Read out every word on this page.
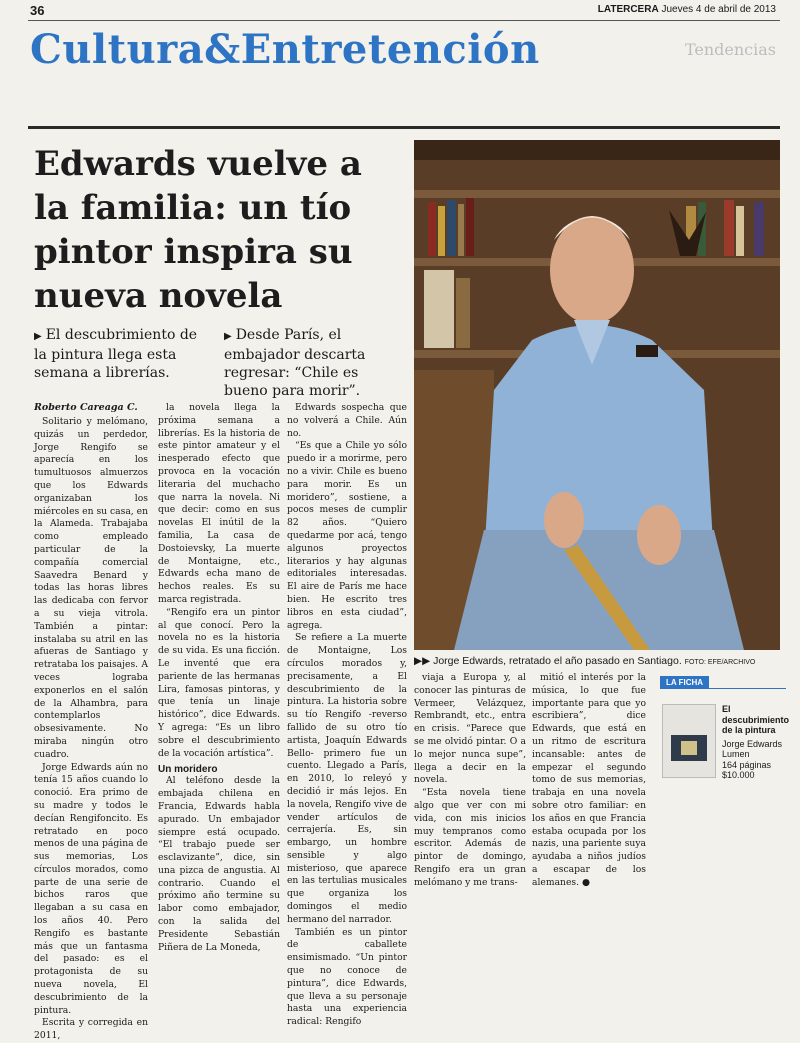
36	LATERCERA Jueves 4 de abril de 2013
Cultura&Entretención	Tendencias
Edwards vuelve a la familia: un tío pintor inspira su nueva novela
▶ El descubrimiento de la pintura llega esta semana a librerías.
▶ Desde París, el embajador descarta regresar: “Chile es bueno para morir”.
▶▶ Jorge Edwards, retratado el año pasado en Santiago. FOTO: EFE/ARCHIVO
Roberto Careaga C.

Solitario y melómano, quizás un perdedor, Jorge Rengifo se aparecía en los tumultuosos almuerzos que los Edwards organizaban los miércoles en su casa, en la Alameda. Trabajaba como empleado particular de la compañía comercial Saavedra Benard y todas las horas libres las dedicaba con fervor a su vieja vitrola. También a pintar: instalaba su atril en las afueras de Santiago y retrataba los paisajes. A veces lograba exponerlos en el salón de la Alhambra, para contemplarlos obsesivamente. No miraba ningún otro cuadro.

Jorge Edwards aún no tenía 15 años cuando lo conoció. Era primo de su madre y todos le decían Rengifoncito. Es retratado en poco menos de una página de sus memorias, Los círculos morados, como parte de una serie de bichos raros que llegaban a su casa en los años 40. Pero Rengifo es bastante más que un fantasma del pasado: es el protagonista de su nueva novela, El descubrimiento de la pintura.

Escrita y corregida en 2011,

la novela llega la próxima semana a librerías. Es la historia de este pintor amateur y el inesperado efecto que provoca en la vocación literaria del muchacho que narra la novela. Ni que decir: como en sus novelas El inútil de la familia, La casa de Dostoievsky, La muerte de Montaigne, etc., Edwards echa mano de hechos reales. Es su marca registrada.

“Rengifo era un pintor al que conocí. Pero la novela no es la historia de su vida. Es una ficción. Le inventé que era pariente de las hermanas Lira, famosas pintoras, y que tenía un linaje histórico”, dice Edwards. Y agrega: “Es un libro sobre el descubrimiento de la vocación artística”.

Un moridero

Al teléfono desde la embajada chilena en Francia, Edwards habla apurado. Un embajador siempre está ocupado. “El trabajo puede ser esclavizante”, dice, sin una pizca de angustia. Al contrario. Cuando el próximo año termine su labor como embajador, con la salida del Presidente Sebastián Piñera de La Moneda,

Edwards sospecha que no volverá a Chile. Aún no.

“Es que a Chile yo sólo puedo ir a morirme, pero no a vivir. Chile es bueno para morir. Es un moridero”, sostiene, a pocos meses de cumplir 82 años. “Quiero quedarme por acá, tengo algunos proyectos literarios y hay algunas editoriales interesadas. El aire de París me hace bien. He escrito tres libros en esta ciudad”, agrega.

Se refiere a La muerte de Montaigne, Los círculos morados y, precisamente, a El descubrimiento de la pintura. La historia sobre su tío Rengifo -reverso fallido de su otro tío artista, Joaquín Edwards Bello- primero fue un cuento. Llegado a París, en 2010, lo releyó y decidió ir más lejos. En la novela, Rengifo vive de vender artículos de cerrajería. Es, sin embargo, un hombre sensible y algo misterioso, que aparece en las tertulias musicales que organiza los domingos el medio hermano del narrador.

También es un pintor de caballete ensimismado. “Un pintor que no conoce de pintura”, dice Edwards, que lleva a su personaje hasta una experiencia radical: Rengifo

viaja a Europa y, al conocer las pinturas de Vermeer, Velázquez, Rembrandt, etc., entra en crisis. “Parece que se me olvidó pintar. O a lo mejor nunca supe”, llega a decir en la novela.

“Esta novela tiene algo que ver con mi vida, con mis inicios muy tempranos como escritor. Además de pintor de domingo, Rengifo era un gran melómano y me trans-

mitió el interés por la música, lo que fue importante para que yo escribiera”, dice Edwards, que está en un ritmo de escritura incansable: antes de empezar el segundo tomo de sus memorias, trabaja en una novela sobre otro familiar: en los años en que Francia estaba ocupada por los nazis, una pariente suya ayudaba a niños judíos a escapar de los alemanes. ●

LA FICHA
El descubrimiento de la pintura
Jorge Edwards
Lumen
164 páginas
$10.000
